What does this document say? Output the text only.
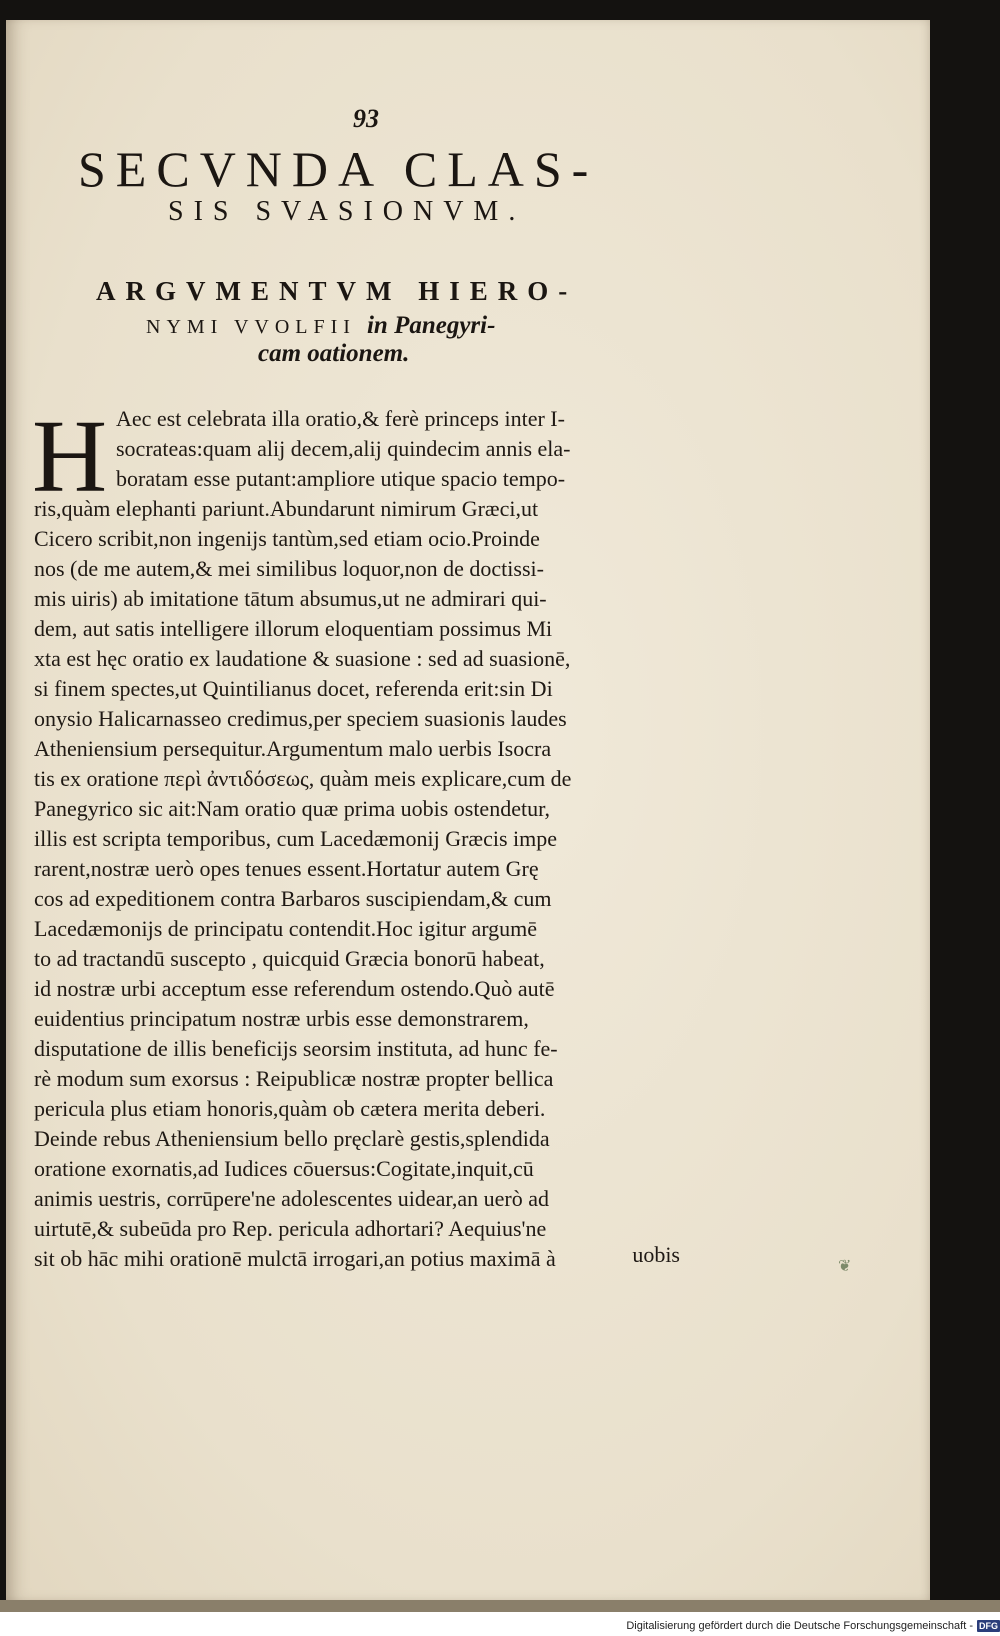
93
SECVNDA CLAS-
SIS SVASIONVM.
ARGVMENTVM HIERO-
NYMI VVOLFII in Panegyri-
cam oationem.
H Aec est celebrata illa oratio,& ferè princeps inter I-
socrateas:quam alij decem,alij quindecim annis ela-
boratam esse putant:ampliore utique spacio tempo-
ris,quàm elephanti pariunt.Abundarunt nimirum Græci,ut
Cicero scribit,non ingenijs tantùm,sed etiam ocio.Proinde
nos (de me autem,& mei similibus loquor,non de doctissi-
mis uiris) ab imitatione tātum absumus,ut ne admirari qui-
dem, aut satis intelligere illorum eloquentiam possimus Mi
xta est hęc oratio ex laudatione & suasione : sed ad suasionē,
si finem spectes,ut Quintilianus docet, referenda erit:sin Di
onysio Halicarnasseo credimus,per speciem suasionis laudes
Atheniensium persequitur.Argumentum malo uerbis Isocra
tis ex oratione περὶ ἀντιδόσεως, quàm meis explicare,cum de
Panegyrico sic ait:Nam oratio quæ prima uobis ostendetur,
illis est scripta temporibus, cum Lacedæmonij Græcis impe
rarent,nostræ uerò opes tenues essent.Hortatur autem Grę
cos ad expeditionem contra Barbaros suscipiendam,& cum
Lacedæmonijs de principatu contendit.Hoc igitur argumē
to ad tractandū suscepto , quicquid Græcia bonorū habeat,
id nostræ urbi acceptum esse referendum ostendo.Quò autē
euidentius principatum nostræ urbis esse demonstrarem,
disputatione de illis beneficijs seorsim instituta, ad hunc fe-
rè modum sum exorsus : Reipublicæ nostræ propter bellica
pericula plus etiam honoris,quàm ob cætera merita deberi.
Deinde rebus Atheniensium bello pręclarè gestis,splendida
oratione exornatis,ad Iudices cōuersus:Cogitate,inquit,cū
animis uestris, corrūpere'ne adolescentes uidear,an uerò ad
uirtutē,& subeūda pro Rep. pericula adhortari? Aequius'ne
sit ob hāc mihi orationē mulctā irrogari,an potius maximā à	uobis	❦
Digitalisierung gefördert durch die Deutsche Forschungsgemeinschaft - DFG
